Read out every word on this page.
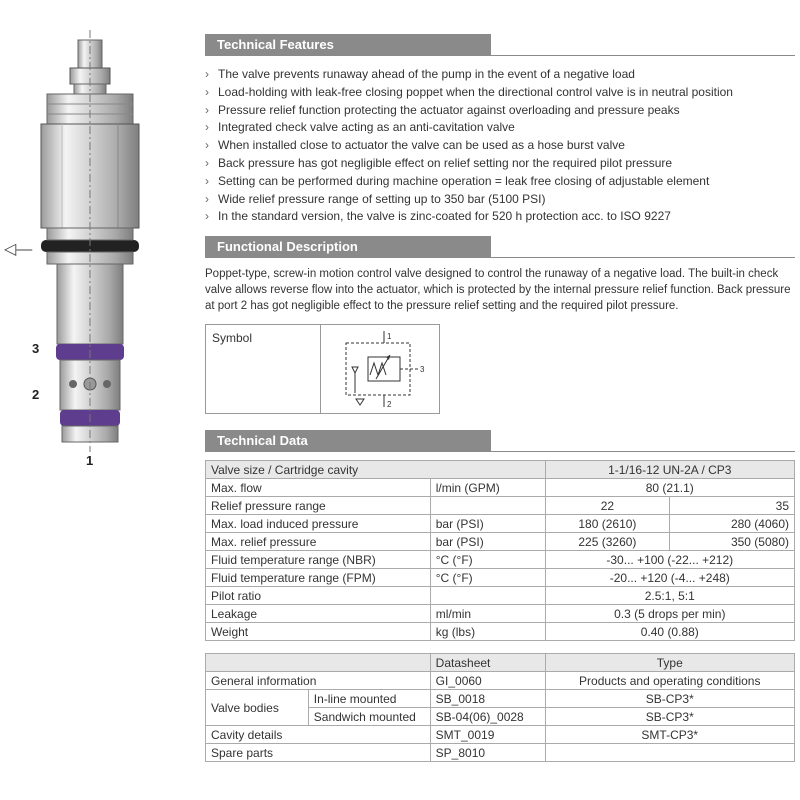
◁—
3
2
1
Technical Features
› The valve prevents runaway ahead of the pump in the event of a negative load
› Load-holding with leak-free closing poppet when the directional control valve is in neutral position
› Pressure relief function protecting the actuator against overloading and pressure peaks
› Integrated check valve acting as an anti-cavitation valve
› When installed close to actuator the valve can be used as a hose burst valve
› Back pressure has got negligible effect on relief setting nor the required pilot pressure
› Setting can be performed during machine operation = leak free closing of adjustable element
› Wide relief pressure range of setting up to 350 bar (5100 PSI)
› In the standard version, the valve is zinc-coated for 520 h protection acc. to ISO 9227
Functional Description

Poppet-type, screw-in motion control valve designed to control the runaway of a negative load. The built-in check valve allows reverse flow into the actuator, which is protected by the internal pressure relief function. Back pressure at port 2 has got negligible effect to the pressure relief setting and the required pilot pressure.

Symbol	1
2
3
Technical Data
Valve size / Cartridge cavity		1-1/16-12 UN-2A / CP3	
Max. flow	l/min (GPM)	80 (21.1)	
Relief pressure range		22	35
Max. load induced pressure	bar (PSI)	180 (2610)	280 (4060)
Max. relief pressure	bar (PSI)	225 (3260)	350 (5080)
Fluid temperature range (NBR)	°C (°F)	-30... +100 (-22... +212)	
Fluid temperature range (FPM)	°C (°F)	-20... +120 (-4... +248)	
Pilot ratio		2.5:1, 5:1	
Leakage	ml/min	0.3 (5 drops per min)	
Weight	kg (lbs)	0.40 (0.88)	
		Datasheet	Type
General information		GI_0060	Products and operating conditions
Valve bodies	In-line mounted	SB_0018	SB-CP3*
	Sandwich mounted	SB-04(06)_0028	SB-CP3*
Cavity details		SMT_0019	SMT-CP3*
Spare parts		SP_8010	
